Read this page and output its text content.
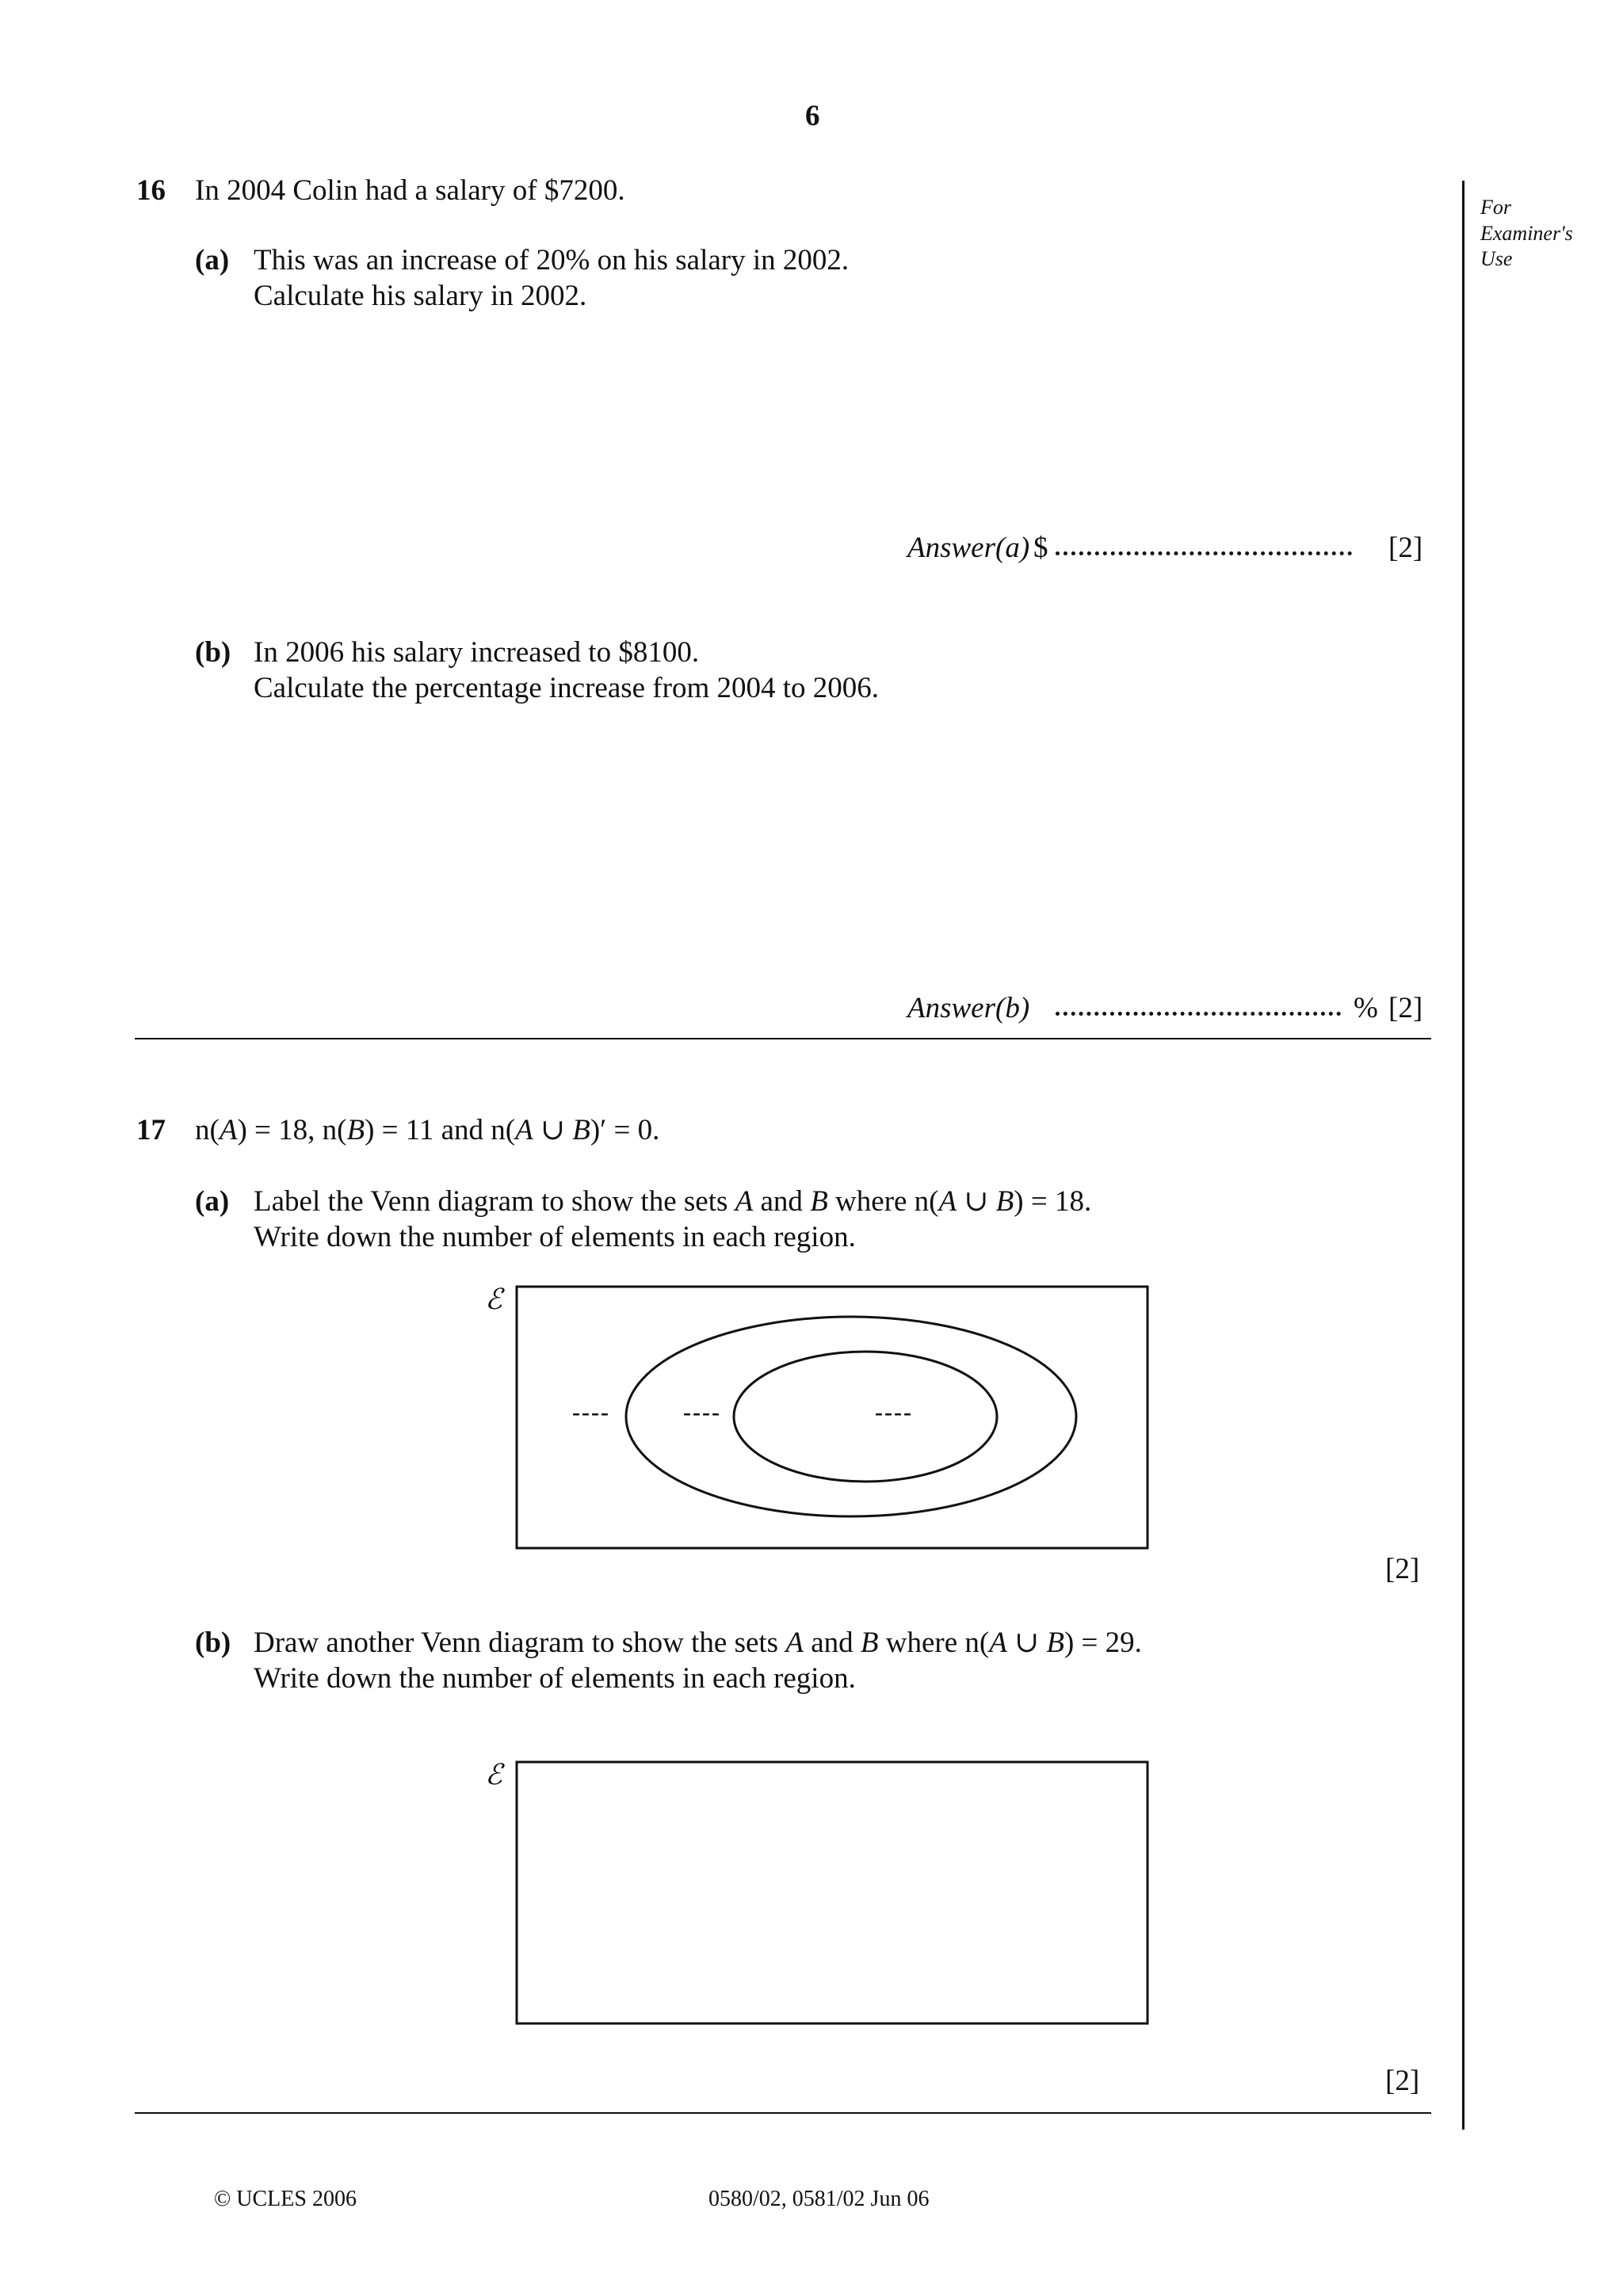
6
For Examiner's Use
16 In 2004 Colin had a salary of $7200.
(a) This was an increase of 20% on his salary in 2002.
Calculate his salary in 2002.
Answer(a) $	[2]
(b) In 2006 his salary increased to $8100.
Calculate the percentage increase from 2004 to 2006.
Answer(b)	% [2]
17 n(A) = 18, n(B) = 11 and n(A ∪ B)′ = 0.
(a) Label the Venn diagram to show the sets A and B where n(A ∪ B) = 18.
Write down the number of elements in each region.
ℰ
----	----	----
[2]
(b) Draw another Venn diagram to show the sets A and B where n(A ∪ B) = 29.
Write down the number of elements in each region.
ℰ
[2]
© UCLES 2006	0580/02, 0581/02 Jun 06
